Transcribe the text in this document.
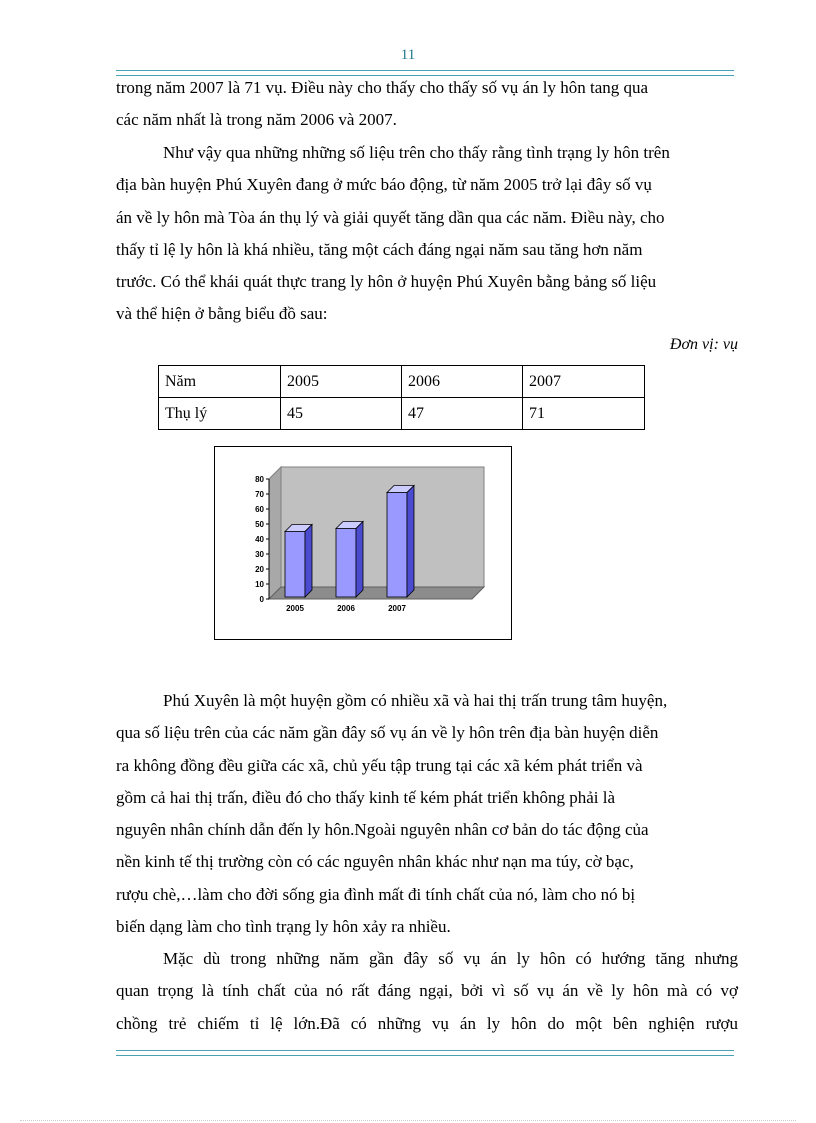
11

trong năm 2007 là 71 vụ. Điều này cho thấy cho thấy số vụ án ly hôn tang qua
các năm nhất là trong năm 2006 và 2007.

Như vậy qua những những số liệu trên cho thấy rằng tình trạng ly hôn trên
địa bàn huyện Phú Xuyên đang ở mức báo động, từ năm 2005 trở lại đây số vụ
án về ly hôn mà Tòa án thụ lý và giải quyết tăng dần qua các năm. Điều này, cho
thấy tỉ lệ ly hôn là khá nhiều, tăng một cách đáng ngại năm sau tăng hơn năm
trước. Có thể khái quát thực trang ly hôn ở huyện Phú Xuyên bằng bảng số liệu
và thể hiện ở bằng biểu đồ sau:

Đơn vị: vụ
Năm	2005	2006	2007
Thụ lý	45	47	71
0
10
20
30
40
50
60
70
80
2005	2006	2007

Phú Xuyên là một huyện gồm có nhiều xã và hai thị trấn trung tâm huyện,
qua số liệu trên của các năm gần đây số vụ án về ly hôn trên địa bàn huyện diễn
ra không đồng đều giữa các xã, chủ yếu tập trung tại các xã kém phát triển và
gồm cả hai thị trấn, điều đó cho thấy kinh tế kém phát triển không phải là
nguyên nhân chính dẫn đến ly hôn.Ngoài nguyên nhân cơ bản do tác động của
nền kinh tế thị trường còn có các nguyên nhân khác như nạn ma túy, cờ bạc,
rượu chè,…làm cho đời sống gia đình mất đi tính chất của nó, làm cho nó bị
biến dạng làm cho tình trạng ly hôn xảy ra nhiều.

Mặc dù trong những năm gần đây số vụ án ly hôn có hướng tăng nhưng
quan trọng là tính chất của nó rất đáng ngại, bởi vì số vụ án về ly hôn mà có vợ
chồng trẻ chiếm tỉ lệ lớn.Đã có những vụ án ly hôn do một bên nghiện rượu
